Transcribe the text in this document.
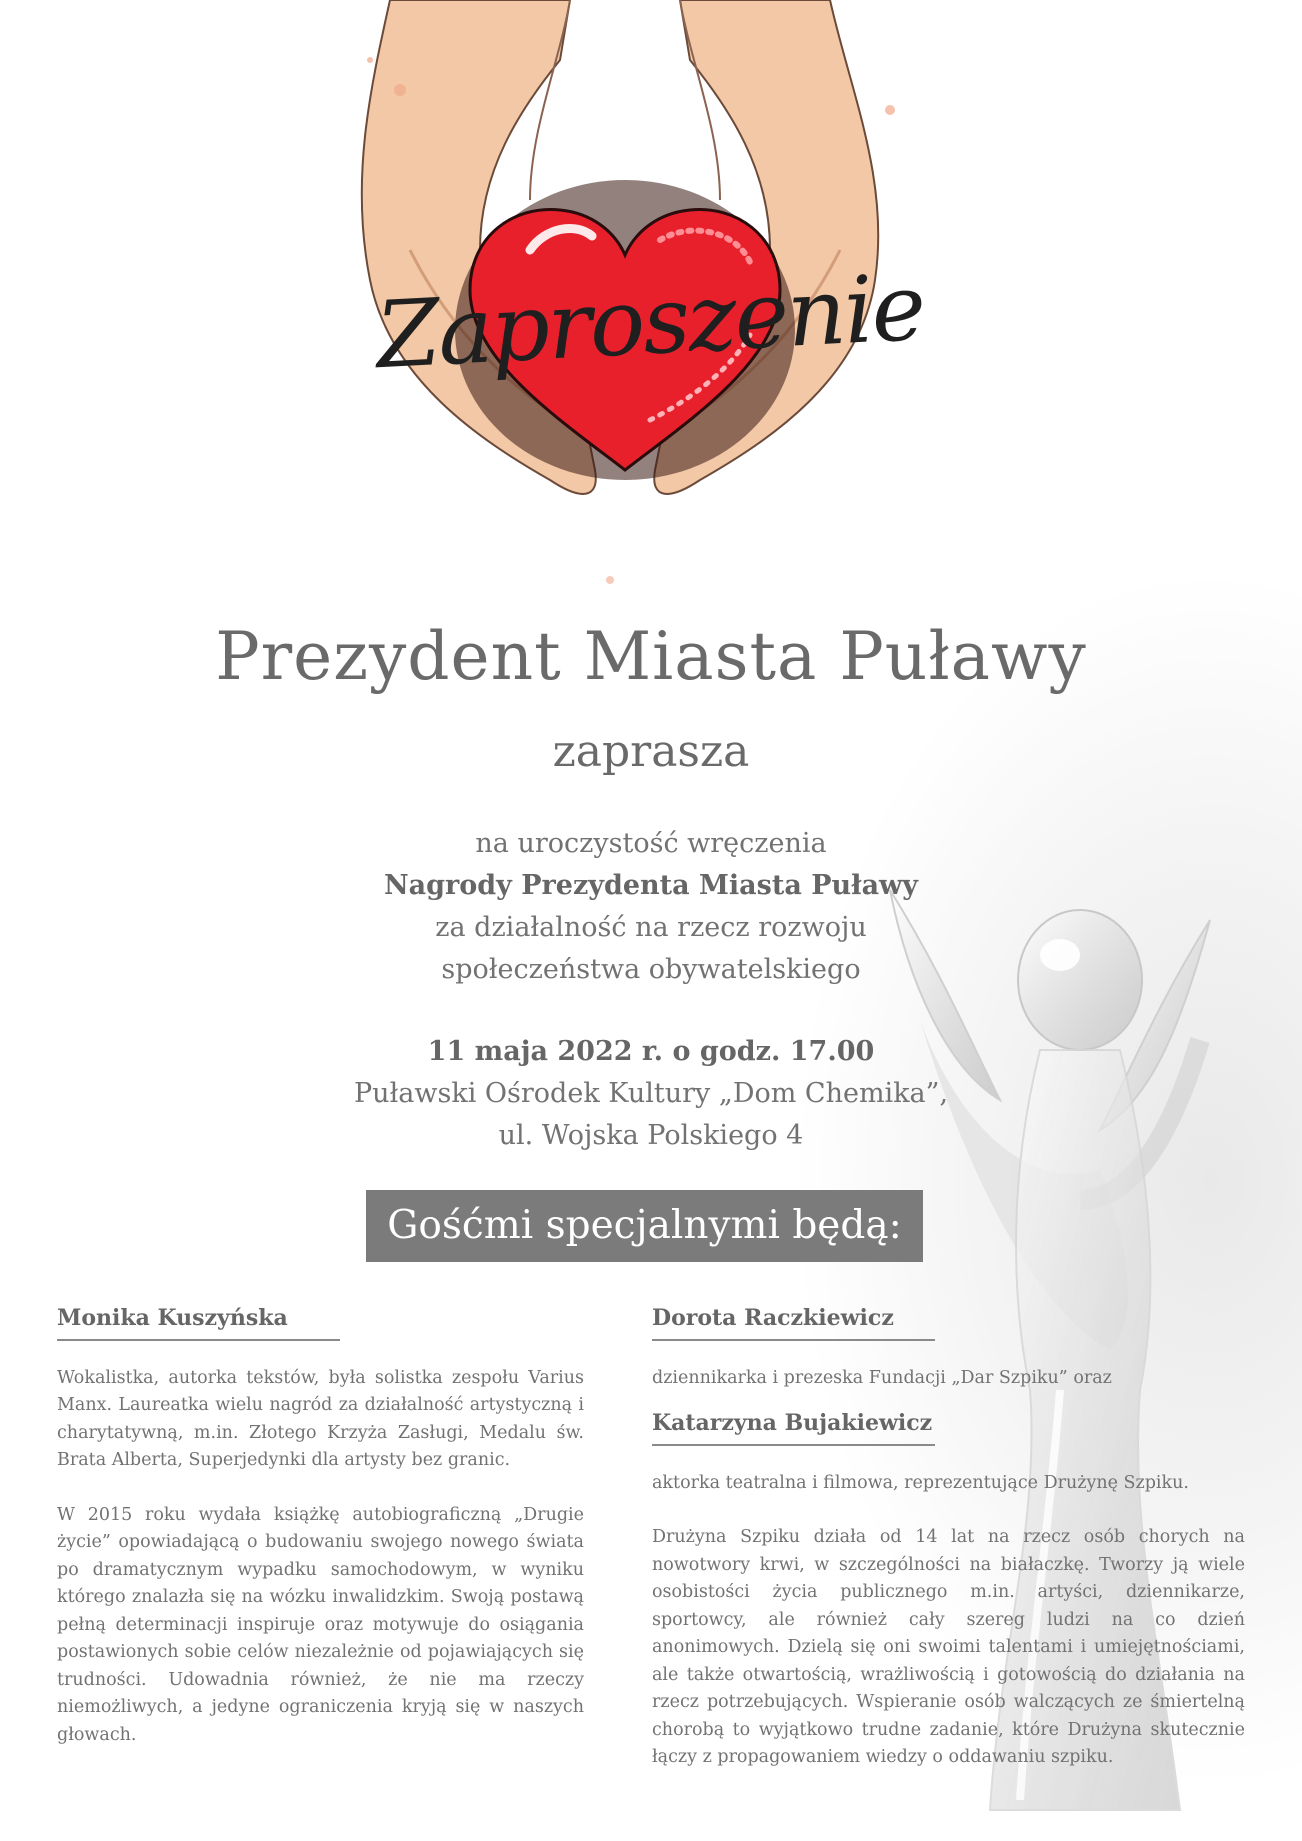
Zaproszenie
Prezydent Miasta Puławy
zaprasza
na uroczystość wręczenia
Nagrody Prezydenta Miasta Puławy
za działalność na rzecz rozwoju
społeczeństwa obywatelskiego
11 maja 2022 r. o godz. 17.00
Puławski Ośrodek Kultury „Dom Chemika”,
ul. Wojska Polskiego 4
Gośćmi specjalnymi będą:
Monika Kuszyńska

Wokalistka, autorka tekstów, była solistka zespołu Varius Manx. Laureatka wielu nagród za działalność artystyczną i charytatywną, m.in. Złotego Krzyża Zasługi, Medalu św. Brata Alberta, Superjedynki dla artysty bez granic.

W 2015 roku wydała książkę autobiograficzną „Drugie życie” opowiadającą o budowaniu swojego nowego świata po dramatycznym wypadku samochodowym, w wyniku którego znalazła się na wózku inwalidzkim. Swoją postawą pełną determinacji inspiruje oraz motywuje do osiągania postawionych sobie celów niezależnie od pojawiających się trudności. Udowadnia również, że nie ma rzeczy niemożliwych, a jedyne ograniczenia kryją się w naszych głowach.

Dorota Raczkiewicz

dziennikarka i prezeska Fundacji „Dar Szpiku” oraz

Katarzyna Bujakiewicz

aktorka teatralna i filmowa, reprezentujące Drużynę Szpiku.

Drużyna Szpiku działa od 14 lat na rzecz osób chorych na nowotwory krwi, w szczególności na białaczkę. Tworzy ją wiele osobistości życia publicznego m.in. artyści, dziennikarze, sportowcy, ale również cały szereg ludzi na co dzień anonimowych. Dzielą się oni swoimi talentami i umiejętnościami, ale także otwartością, wrażliwością i gotowością do działania na rzecz potrzebujących. Wspieranie osób walczących ze śmiertelną chorobą to wyjątkowo trudne zadanie, które Drużyna skutecznie łączy z propagowaniem wiedzy o oddawaniu szpiku.
